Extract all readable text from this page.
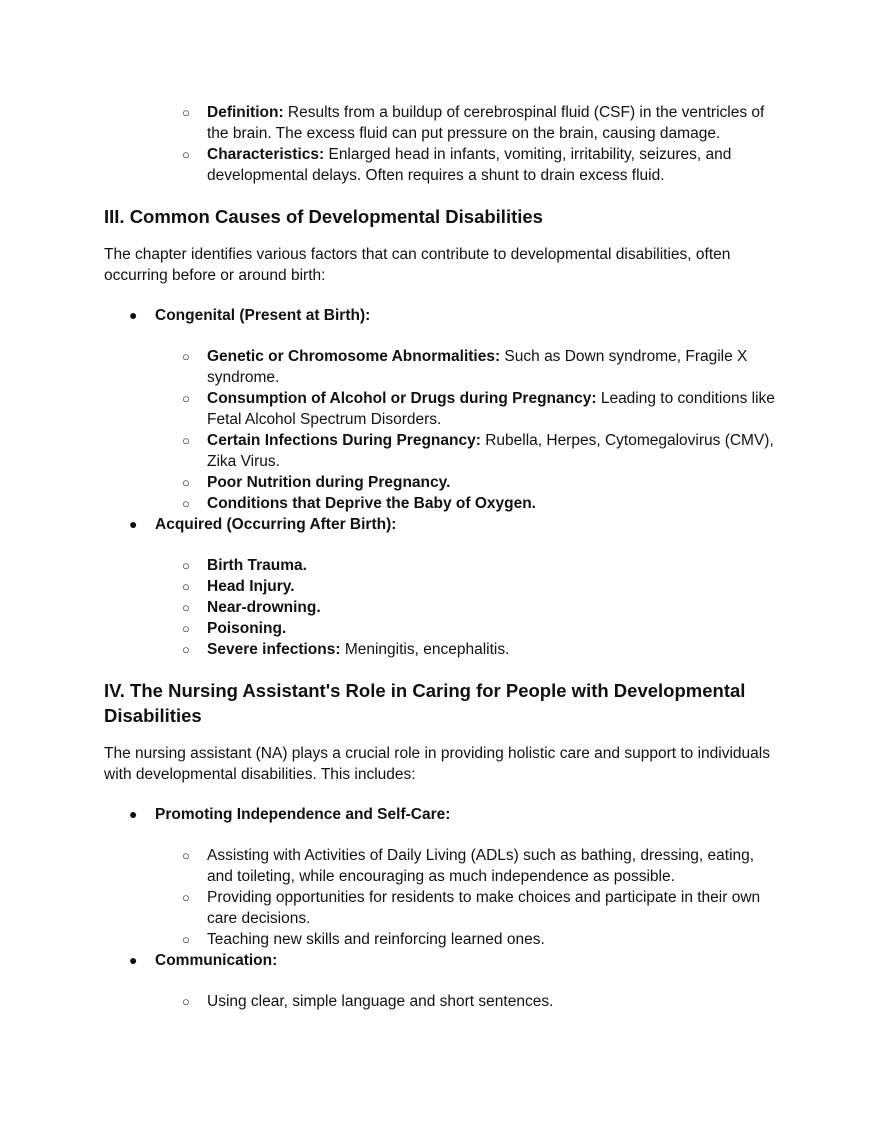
○ Definition: Results from a buildup of cerebrospinal fluid (CSF) in the ventricles of the brain. The excess fluid can put pressure on the brain, causing damage.
○ Characteristics: Enlarged head in infants, vomiting, irritability, seizures, and developmental delays. Often requires a shunt to drain excess fluid.
III. Common Causes of Developmental Disabilities

The chapter identifies various factors that can contribute to developmental disabilities, often occurring before or around birth:

● Congenital (Present at Birth):
○ Genetic or Chromosome Abnormalities: Such as Down syndrome, Fragile X syndrome.
○ Consumption of Alcohol or Drugs during Pregnancy: Leading to conditions like Fetal Alcohol Spectrum Disorders.
○ Certain Infections During Pregnancy: Rubella, Herpes, Cytomegalovirus (CMV), Zika Virus.
○ Poor Nutrition during Pregnancy.
○ Conditions that Deprive the Baby of Oxygen.
● Acquired (Occurring After Birth):
○ Birth Trauma.
○ Head Injury.
○ Near-drowning.
○ Poisoning.
○ Severe infections: Meningitis, encephalitis.
IV. The Nursing Assistant's Role in Caring for People with Developmental Disabilities

The nursing assistant (NA) plays a crucial role in providing holistic care and support to individuals with developmental disabilities. This includes:

● Promoting Independence and Self-Care:
○ Assisting with Activities of Daily Living (ADLs) such as bathing, dressing, eating, and toileting, while encouraging as much independence as possible.
○ Providing opportunities for residents to make choices and participate in their own care decisions.
○ Teaching new skills and reinforcing learned ones.
● Communication:
○ Using clear, simple language and short sentences.
